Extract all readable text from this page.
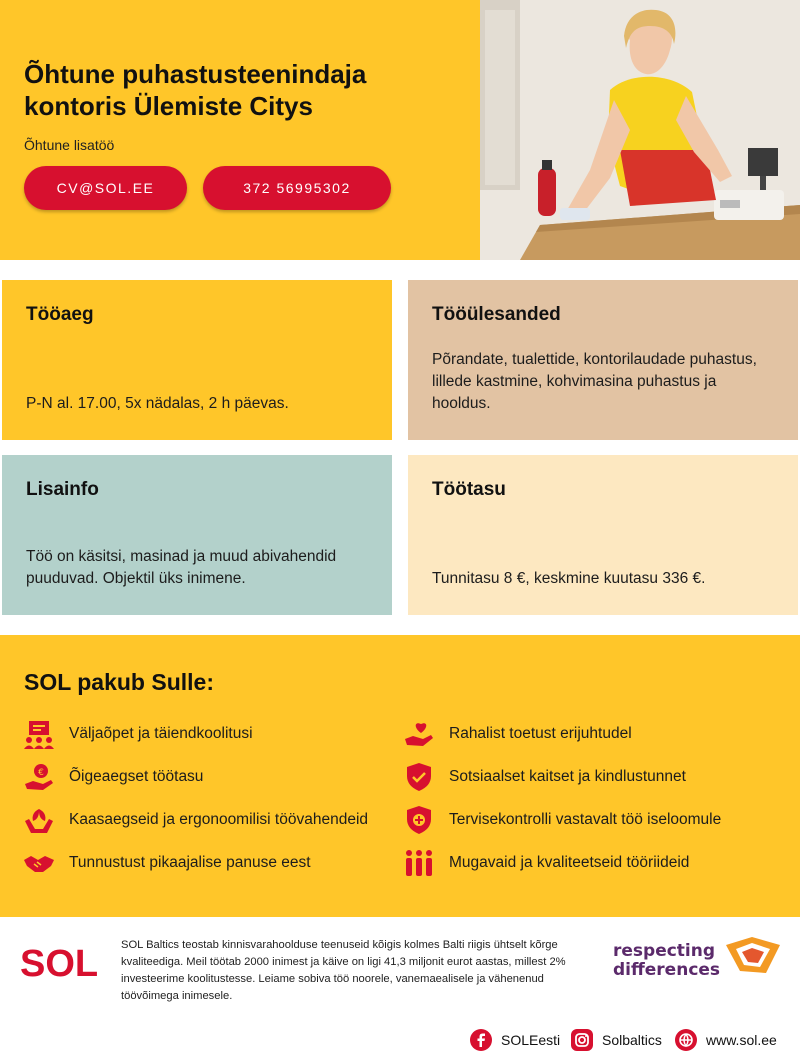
Õhtune puhastusteenindaja
kontoris Ülemiste Citys
Õhtune lisatöö
CV@SOL.EE	372 56995302
Tööaeg

P-N al. 17.00, 5x nädalas, 2 h päevas.

Tööülesanded

Põrandate, tualettide, kontorilaudade puhastus, lillede kastmine, kohvimasina puhastus ja hooldus.

Lisainfo

Töö on käsitsi, masinad ja muud abivahendid puuduvad. Objektil üks inimene.

Töötasu

Tunnitasu 8 €, keskmine kuutasu 336 €.

SOL pakub Sulle:
Väljaõpet ja täiendkoolitusi
€ Õigeaegset töötasu
Kaasaegseid ja ergonoomilisi töövahendeid
Tunnustust pikaajalise panuse eest
Rahalist toetust erijuhtudel
Sotsiaalset kaitset ja kindlustunnet
Tervisekontrolli vastavalt töö iseloomule
Mugavaid ja kvaliteetseid tööriideid
SOL SOL Baltics teostab kinnisvarahoolduse teenuseid kõigis kolmes Balti riigis ühtselt kõrge kvaliteediga. Meil töötab 2000 inimest ja käive on ligi 41,3 miljonit eurot aastas, millest 2% investeerime koolitustesse. Leiame sobiva töö noorele, vanemaealisele ja vähenenud töövõimega inimesele.

respecting
differences
SOLEesti	Solbaltics	www.sol.ee
